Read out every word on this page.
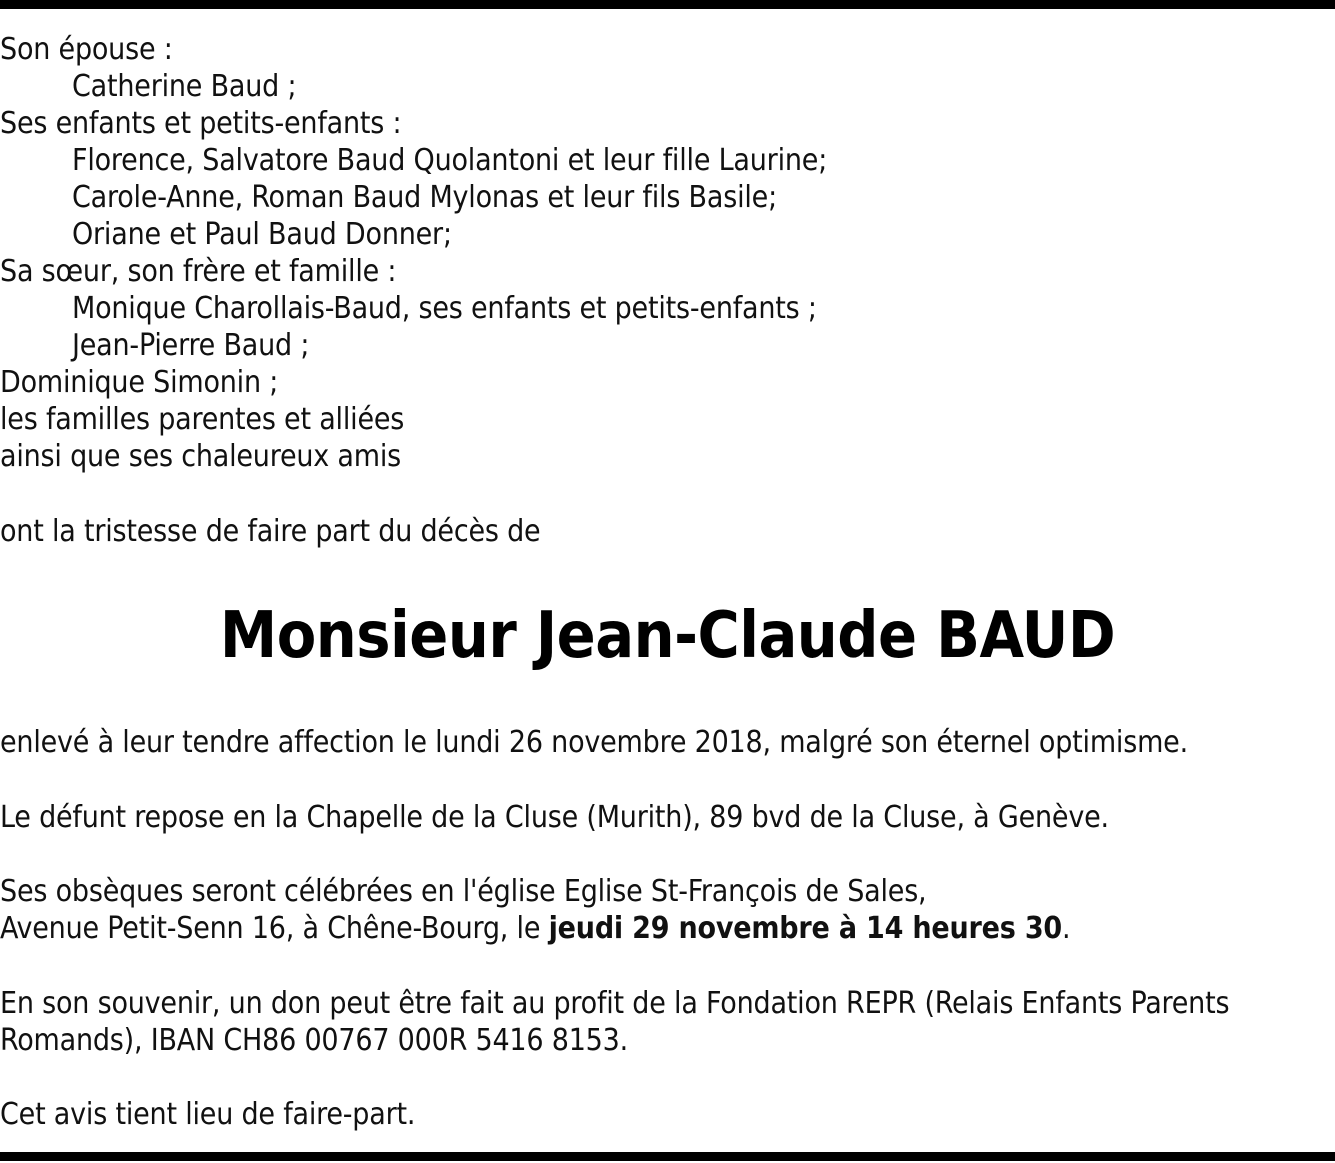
Son épouse :
Catherine Baud ;
Ses enfants et petits-enfants :
Florence, Salvatore Baud Quolantoni et leur fille Laurine;
Carole-Anne, Roman Baud Mylonas et leur fils Basile;
Oriane et Paul Baud Donner;
Sa sœur, son frère et famille :
Monique Charollais-Baud, ses enfants et petits-enfants ;
Jean-Pierre Baud ;
Dominique Simonin ;
les familles parentes et alliées
ainsi que ses chaleureux amis
ont la tristesse de faire part du décès de
Monsieur Jean-Claude BAUD
enlevé à leur tendre affection le lundi 26 novembre 2018, malgré son éternel optimisme.
Le défunt repose en la Chapelle de la Cluse (Murith), 89 bvd de la Cluse, à Genève.
Ses obsèques seront célébrées en l'église Eglise St-François de Sales,
Avenue Petit-Senn 16, à Chêne-Bourg, le jeudi 29 novembre à 14 heures 30.
En son souvenir, un don peut être fait au profit de la Fondation REPR (Relais Enfants Parents
Romands), IBAN CH86 00767 000R 5416 8153.
Cet avis tient lieu de faire-part.
